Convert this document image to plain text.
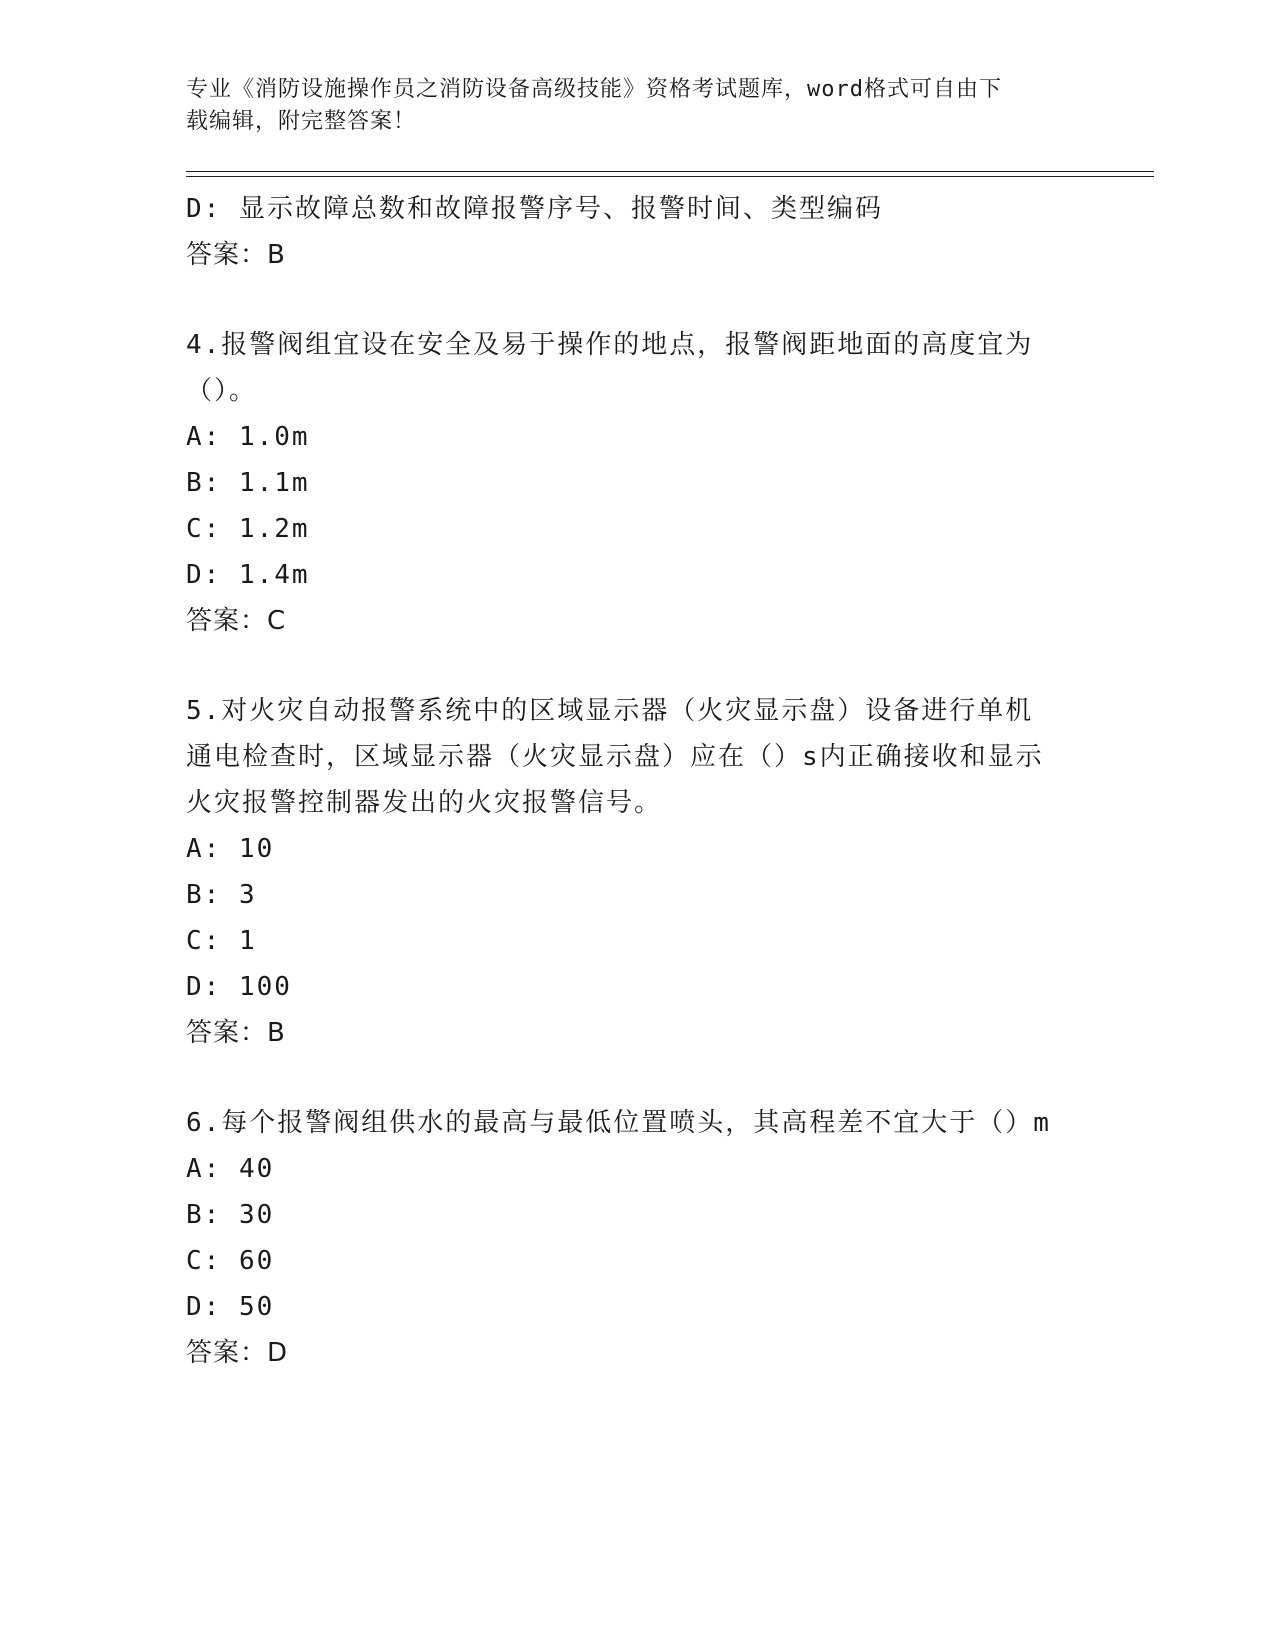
专业《消防设施操作员之消防设备高级技能》资格考试题库，word格式可自由下
载编辑，附完整答案！
D: 显示故障总数和故障报警序号、报警时间、类型编码
答案：B
4.报警阀组宜设在安全及易于操作的地点，报警阀距地面的高度宜为
（）。
A: 1.0m
B: 1.1m
C: 1.2m
D: 1.4m
答案：C
5.对火灾自动报警系统中的区域显示器（火灾显示盘）设备进行单机
通电检查时，区域显示器（火灾显示盘）应在（）s内正确接收和显示
火灾报警控制器发出的火灾报警信号。
A: 10
B: 3
C: 1
D: 100
答案：B
6.每个报警阀组供水的最高与最低位置喷头，其高程差不宜大于（）m
A: 40
B: 30
C: 60
D: 50
答案：D
